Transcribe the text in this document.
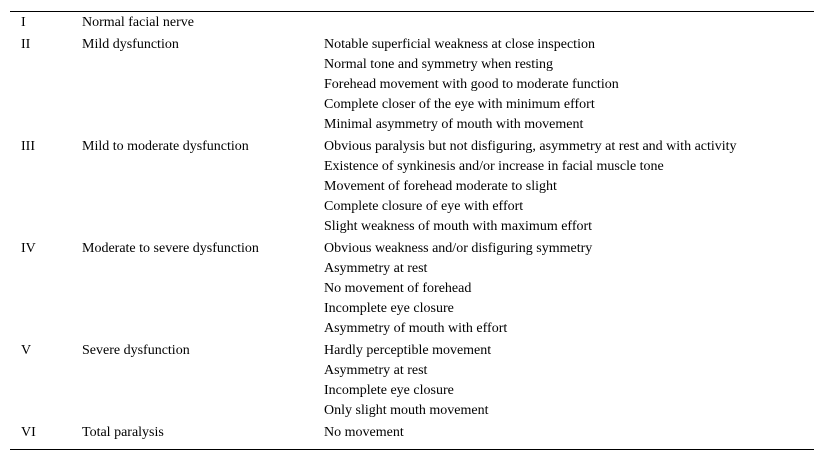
I	Normal facial nerve
II	Mild dysfunction	Notable superficial weakness at close inspection
Normal tone and symmetry when resting
Forehead movement with good to moderate function
Complete closer of the eye with minimum effort
Minimal asymmetry of mouth with movement
III	Mild to moderate dysfunction	Obvious paralysis but not disfiguring, asymmetry at rest and with activity
Existence of synkinesis and/or increase in facial muscle tone
Movement of forehead moderate to slight
Complete closure of eye with effort
Slight weakness of mouth with maximum effort
IV	Moderate to severe dysfunction	Obvious weakness and/or disfiguring symmetry
Asymmetry at rest
No movement of forehead
Incomplete eye closure
Asymmetry of mouth with effort
V	Severe dysfunction	Hardly perceptible movement
Asymmetry at rest
Incomplete eye closure
Only slight mouth movement
VI	Total paralysis	No movement
